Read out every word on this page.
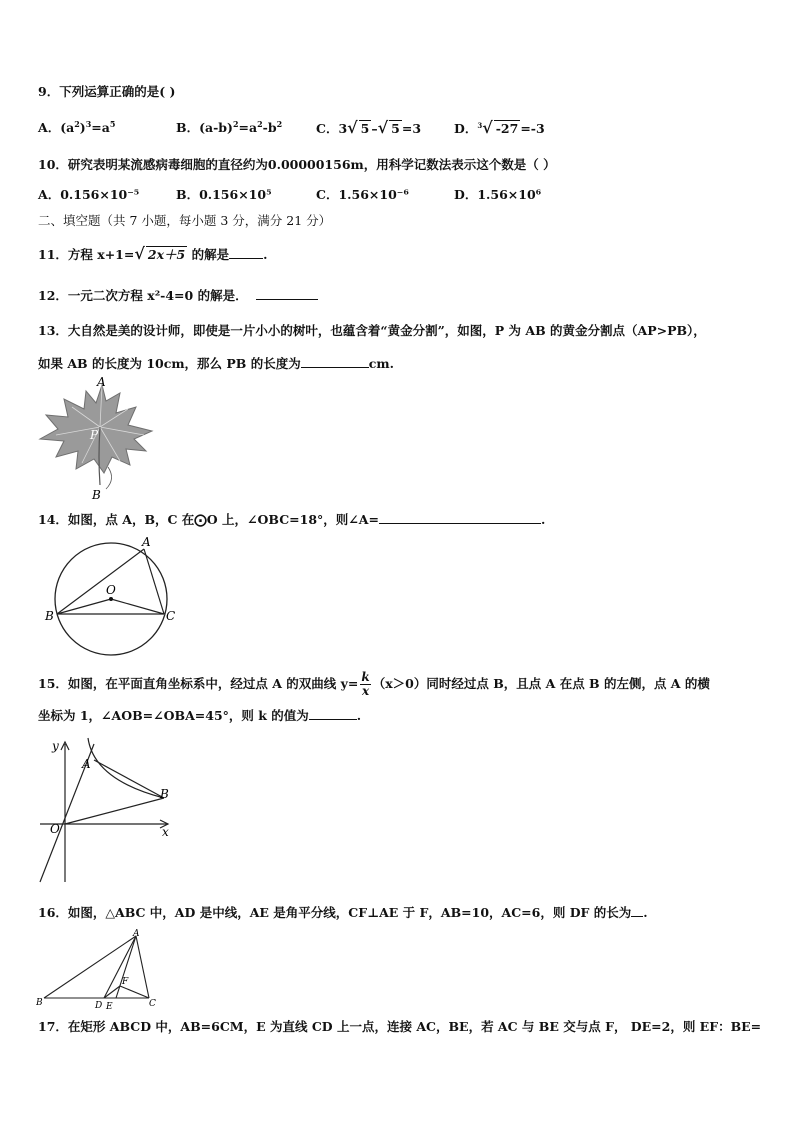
9．下列运算正确的是( )
A．$(a^2)^3=a^5$	B．$(a-b)^2=a^2-b^2$	C．3√ 5 –√ 5 =3	D．$^3$√ -27 =-3
10．研究表明某流感病毒细胞的直径约为0.00000156m，用科学记数法表示这个数是（ ）
A．0.156×10⁻⁵	B．0.156×10⁵	C．1.56×10⁻⁶	D．1.56×10⁶
二、填空题（共 7 小题，每小题 3 分，满分 21 分）
11．方程 x+1=√ 2x＋5 的解是	.
12．一元二次方程 x²-4=0 的解是．
13．大自然是美的设计师，即使是一片小小的树叶，也蕴含着“黄金分割”，如图，P 为 AB 的黄金分割点（AP>PB），
如果 AB 的长度为 10cm，那么 PB 的长度为	cm.
A
P
B
14．如图，点 A，B，C 在⨀O 上，∠OBC=18°，则∠A=	.
A
B	C
O
15．如图，在平面直角坐标系中，经过点 A 的双曲线 $y= \frac{k}{x} (x>0)$同时经过点 B，且点 A 在点 B 的左侧，点 A 的横
坐标为 1，∠AOB=∠OBA=45°，则 k 的值为	.
y
x
O
A
B
16．如图，△ABC 中，AD 是中线，AE 是角平分线，CF⊥AE 于 F，AB=10，AC=6，则 DF 的长为 .
A
B	C
D E
F
17．在矩形 ABCD 中，AB=6CM，E 为直线 CD 上一点，连接 AC，BE，若 AC 与 BE 交与点 F， DE=2，则 EF：BE=
